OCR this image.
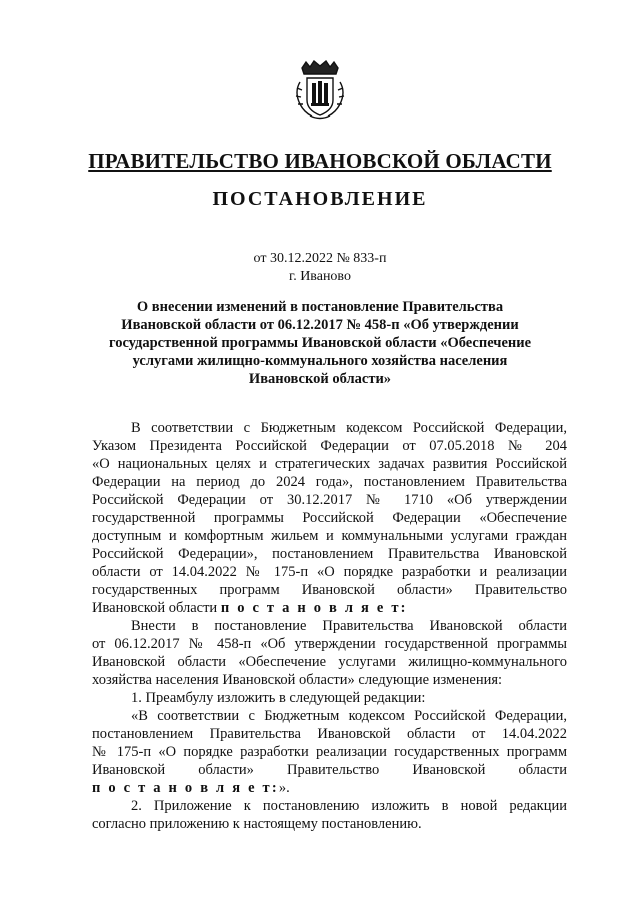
ПРАВИТЕЛЬСТВО ИВАНОВСКОЙ ОБЛАСТИ
ПОСТАНОВЛЕНИЕ
от 30.12.2022 № 833-п
г. Иваново
О внесении изменений в постановление Правительства
Ивановской области от 06.12.2017 № 458-п «Об утверждении
государственной программы Ивановской области «Обеспечение
услугами жилищно-коммунального хозяйства населения
Ивановской области»
В соответствии с Бюджетным кодексом Российской Федерации,
Указом Президента Российской Федерации от 07.05.2018 № 204
«О национальных целях и стратегических задачах развития Российской
Федерации на период до 2024 года», постановлением Правительства
Российской Федерации от 30.12.2017 № 1710 «Об утверждении
государственной программы Российской Федерации «Обеспечение
доступным и комфортным жильем и коммунальными услугами граждан
Российской Федерации», постановлением Правительства Ивановской
области от 14.04.2022 № 175-п «О порядке разработки и реализации
государственных программ Ивановской области» Правительство
Ивановской области п о с т а н о в л я е т:
Внести в постановление Правительства Ивановской области
от 06.12.2017 № 458-п «Об утверждении государственной программы
Ивановской области «Обеспечение услугами жилищно-коммунального
хозяйства населения Ивановской области» следующие изменения:
1. Преамбулу изложить в следующей редакции:
«В соответствии с Бюджетным кодексом Российской Федерации,
постановлением Правительства Ивановской области от 14.04.2022
№ 175-п «О порядке разработки реализации государственных программ
Ивановской области» Правительство Ивановской области
п о с т а н о в л я е т:».
2. Приложение к постановлению изложить в новой редакции
согласно приложению к настоящему постановлению.
